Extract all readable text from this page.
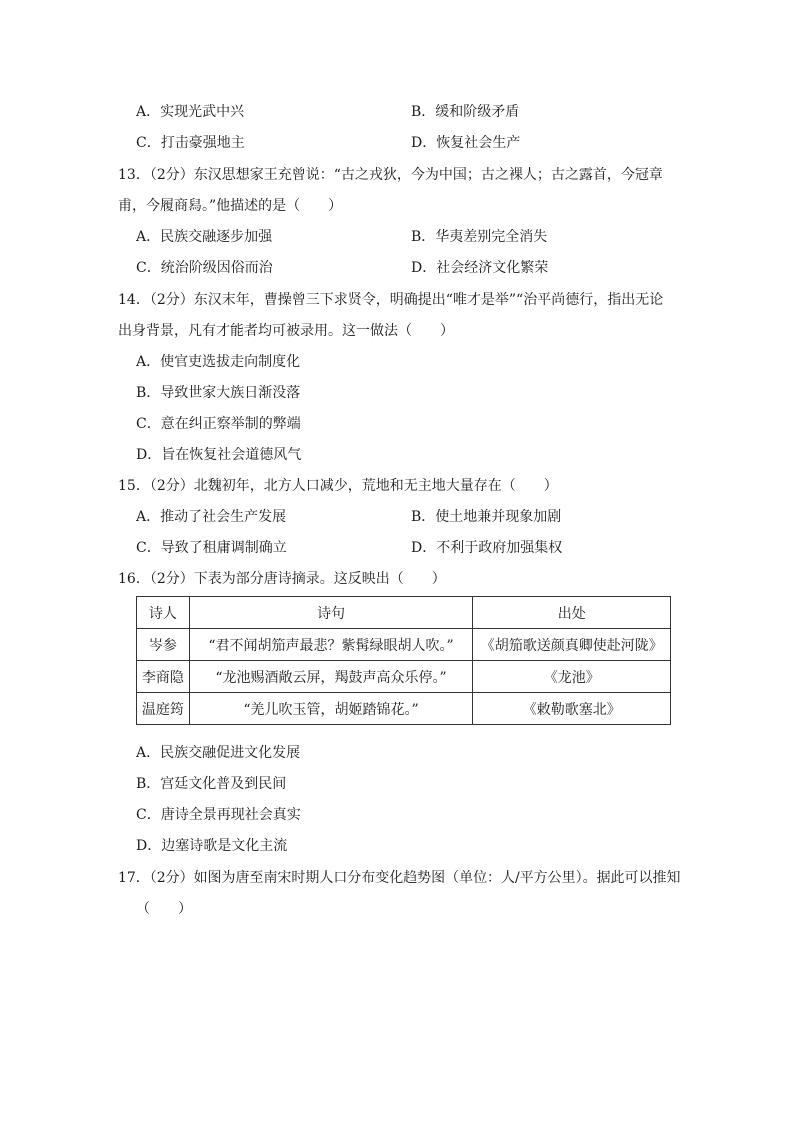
A．实现光武中兴	B．缓和阶级矛盾
C．打击豪强地主	D．恢复社会生产
13．（2分）东汉思想家王充曾说：“古之戎狄，今为中国；古之裸人；古之露首，今冠章
甫，今履商舄。”他描述的是（　　）
A．民族交融逐步加强	B．华夷差别完全消失
C．统治阶级因俗而治	D．社会经济文化繁荣
14．（2分）东汉末年，曹操曾三下求贤令，明确提出“唯才是举”“治平尚德行，指出无论
出身背景，凡有才能者均可被录用。这一做法（　　）
A．使官吏选拔走向制度化
B．导致世家大族日渐没落
C．意在纠正察举制的弊端
D．旨在恢复社会道德风气
15．（2分）北魏初年，北方人口减少，荒地和无主地大量存在（　　）
A．推动了社会生产发展	B．使土地兼并现象加剧
C．导致了租庸调制确立	D．不利于政府加强集权
16．（2分）下表为部分唐诗摘录。这反映出（　　）
诗人	诗句	出处
岑参	“君不闻胡笳声最悲？紫髯绿眼胡人吹。”	《胡笳歌送颜真卿使赴河陇》
李商隐	“龙池赐酒敞云屏，羯鼓声高众乐停。”	《龙池》
温庭筠	“羌儿吹玉管，胡姬踏锦花。”	《敕勒歌塞北》
A．民族交融促进文化发展
B．宫廷文化普及到民间
C．唐诗全景再现社会真实
D．边塞诗歌是文化主流
17．（2分）如图为唐至南宋时期人口分布变化趋势图（单位：人/平方公里）。据此可以推知
（　　）
